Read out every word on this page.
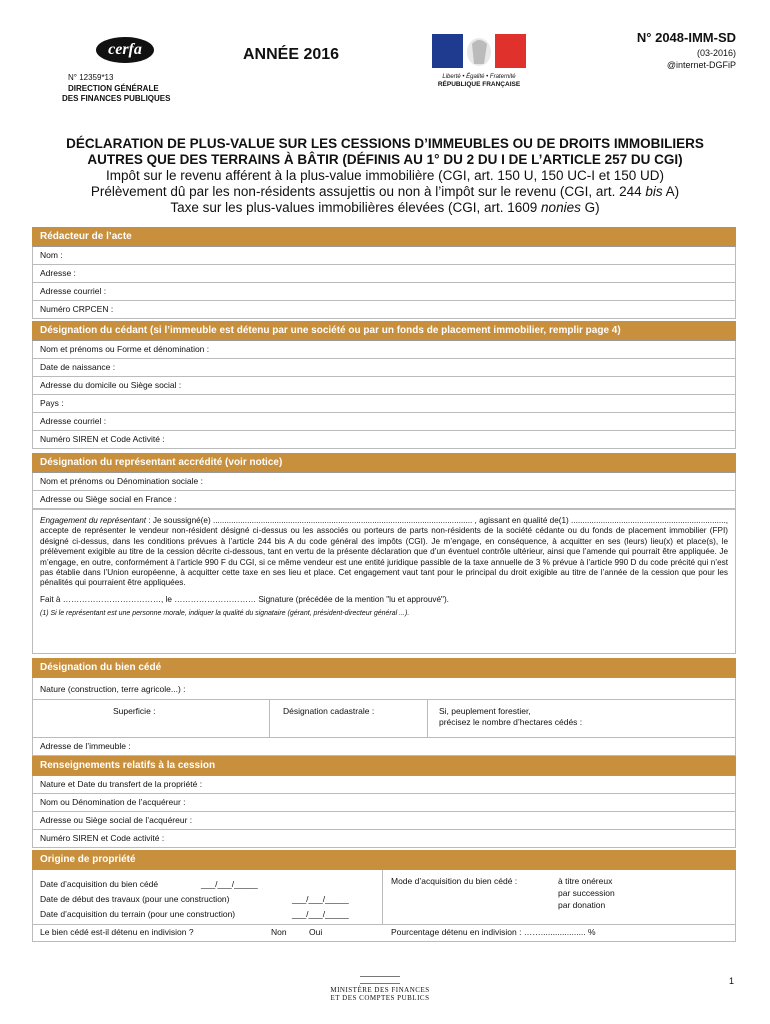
cerfa
N° 12359*13
DIRECTION GÉNÉRALE
DES FINANCES PUBLIQUES
ANNÉE 2016
Liberté • Égalité • Fraternité
RÉPUBLIQUE FRANÇAISE
N° 2048-IMM-SD
(03-2016)
@internet-DGFiP
DÉCLARATION DE PLUS-VALUE SUR LES CESSIONS D’IMMEUBLES OU DE DROITS IMMOBILIERS
AUTRES QUE DES TERRAINS À BÂTIR (DÉFINIS AU 1° DU 2 DU I DE L’ARTICLE 257 DU CGI)
Impôt sur le revenu afférent à la plus-value immobilière (CGI, art. 150 U, 150 UC-I et 150 UD)
Prélèvement dû par les non-résidents assujettis ou non à l’impôt sur le revenu (CGI, art. 244 bis A)
Taxe sur les plus-values immobilières élevées (CGI, art. 1609 nonies G)
Rédacteur de l’acte
Nom :
Adresse :
Adresse courriel :
Numéro CRPCEN :
Désignation du cédant (si l’immeuble est détenu par une société ou par un fonds de placement immobilier, remplir page 4)
Nom et prénoms ou Forme et dénomination :
Date de naissance :
Adresse du domicile ou Siège social :
Pays :
Adresse courriel :
Numéro SIREN et Code Activité :
Désignation du représentant accrédité (voir notice)
Nom et prénoms ou Dénomination sociale :
Adresse ou Siège social en France :
Engagement du représentant : Je soussigné(e) .................................................................................................................. , agissant en qualité de(1) ...................................................................., accepte de représenter le vendeur non-résident désigné ci-dessus ou les associés ou porteurs de parts non-résidents de la société cédante ou du fonds de placement immobilier (FPI) désigné ci-dessus, dans les conditions prévues à l’article 244 bis A du code général des impôts (CGI). Je m’engage, en conséquence, à acquitter en ses (leurs) lieu(x) et place(s), le prélèvement exigible au titre de la cession décrite ci-dessous, tant en vertu de la présente déclaration que d’un éventuel contrôle ultérieur, ainsi que l’amende qui pourrait être appliquée. Je m’engage, en outre, conformément à l’article 990 F du CGI, si ce même vendeur est une entité juridique passible de la taxe annuelle de 3 % prévue à l’article 990 D du code précité qui n’est pas établie dans l’Union européenne, à acquitter cette taxe en ses lieu et place. Cet engagement vaut tant pour le principal du droit exigible au titre de l’année de la cession que pour les pénalités qui pourraient être appliquées.
Fait à ………………………………, le ………………………… Signature (précédée de la mention "lu et approuvé").
(1) Si le représentant est une personne morale, indiquer la qualité du signataire (gérant, président-directeur général ...).
Désignation du bien cédé
Nature (construction, terre agricole...) :
Superficie :	Désignation cadastrale :	Si, peuplement forestier,
précisez le nombre d’hectares cédés :
Adresse de l’immeuble :
Renseignements relatifs à la cession
Nature et Date du transfert de la propriété :
Nom ou Dénomination de l’acquéreur :
Adresse ou Siège social de l’acquéreur :
Numéro SIREN et Code activité :
Origine de propriété
Date d’acquisition du bien cédé	___/___/_____
Date de début des travaux (pour une construction)	___/___/_____
Date d’acquisition du terrain (pour une construction)	___/___/_____
Mode d’acquisition du bien cédé :	à titre onéreux
par succession
par donation
Le bien cédé est-il détenu en indivision ?	Non	Oui	Pourcentage détenu en indivision : ……................... %
MINISTÈRE DES FINANCES
ET DES COMPTES PUBLICS
1
